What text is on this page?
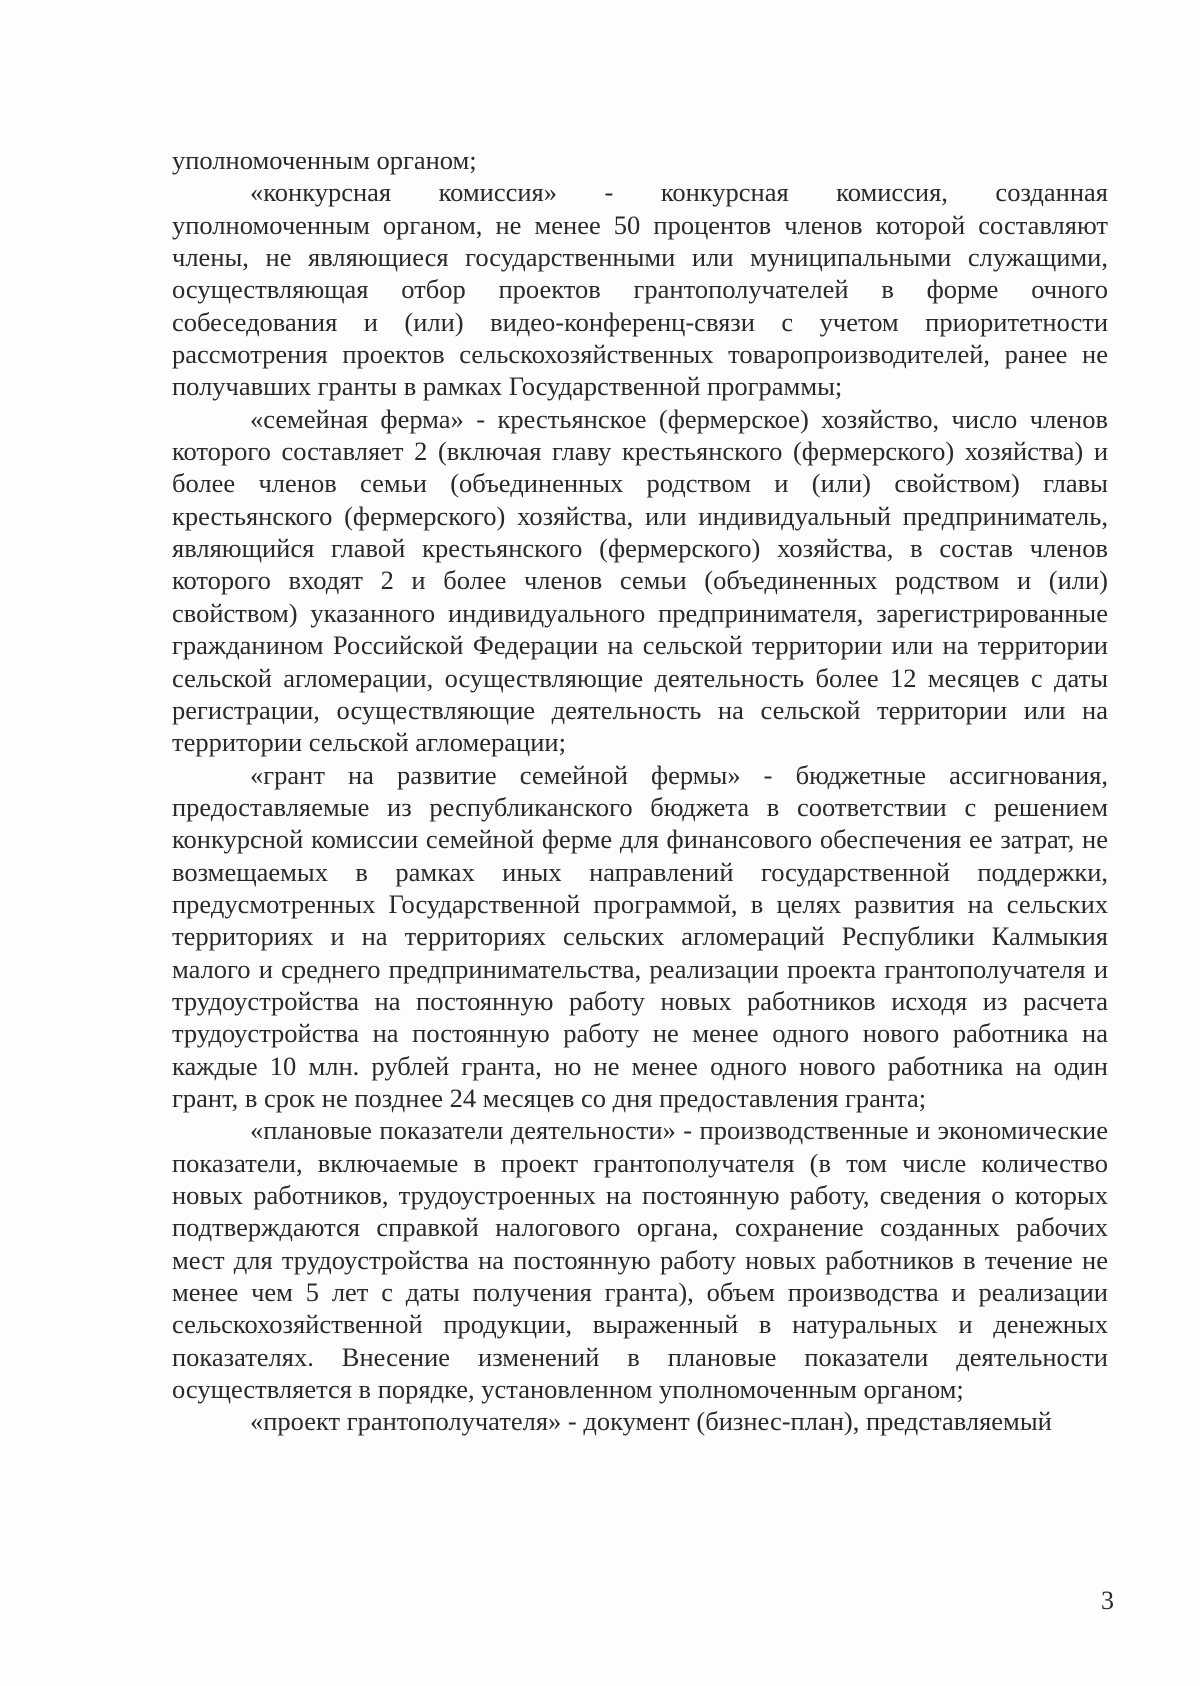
уполномоченным органом;

«конкурсная комиссия» - конкурсная комиссия, созданная уполномоченным органом, не менее 50 процентов членов которой составляют члены, не являющиеся государственными или муниципальными служащими, осуществляющая отбор проектов грантополучателей в форме очного собеседования и (или) видео-конференц-связи с учетом приоритетности рассмотрения проектов сельскохозяйственных товаропроизводителей, ранее не получавших гранты в рамках Государственной программы;

«семейная ферма» - крестьянское (фермерское) хозяйство, число членов которого составляет 2 (включая главу крестьянского (фермерского) хозяйства) и более членов семьи (объединенных родством и (или) свойством) главы крестьянского (фермерского) хозяйства, или индивидуальный предприниматель, являющийся главой крестьянского (фермерского) хозяйства, в состав членов которого входят 2 и более членов семьи (объединенных родством и (или) свойством) указанного индивидуального предпринимателя, зарегистрированные гражданином Российской Федерации на сельской территории или на территории сельской агломерации, осуществляющие деятельность более 12 месяцев с даты регистрации, осуществляющие деятельность на сельской территории или на территории сельской агломерации;

«грант на развитие семейной фермы» - бюджетные ассигнования, предоставляемые из республиканского бюджета в соответствии с решением конкурсной комиссии семейной ферме для финансового обеспечения ее затрат, не возмещаемых в рамках иных направлений государственной поддержки, предусмотренных Государственной программой, в целях развития на сельских территориях и на территориях сельских агломераций Республики Калмыкия малого и среднего предпринимательства, реализации проекта грантополучателя и трудоустройства на постоянную работу новых работников исходя из расчета трудоустройства на постоянную работу не менее одного нового работника на каждые 10 млн. рублей гранта, но не менее одного нового работника на один грант, в срок не позднее 24 месяцев со дня предоставления гранта;

«плановые показатели деятельности» - производственные и экономические показатели, включаемые в проект грантополучателя (в том числе количество новых работников, трудоустроенных на постоянную работу, сведения о которых подтверждаются справкой налогового органа, сохранение созданных рабочих мест для трудоустройства на постоянную работу новых работников в течение не менее чем 5 лет с даты получения гранта), объем производства и реализации сельскохозяйственной продукции, выраженный в натуральных и денежных показателях. Внесение изменений в плановые показатели деятельности осуществляется в порядке, установленном уполномоченным органом;

«проект грантополучателя» - документ (бизнес-план), представляемый

3
